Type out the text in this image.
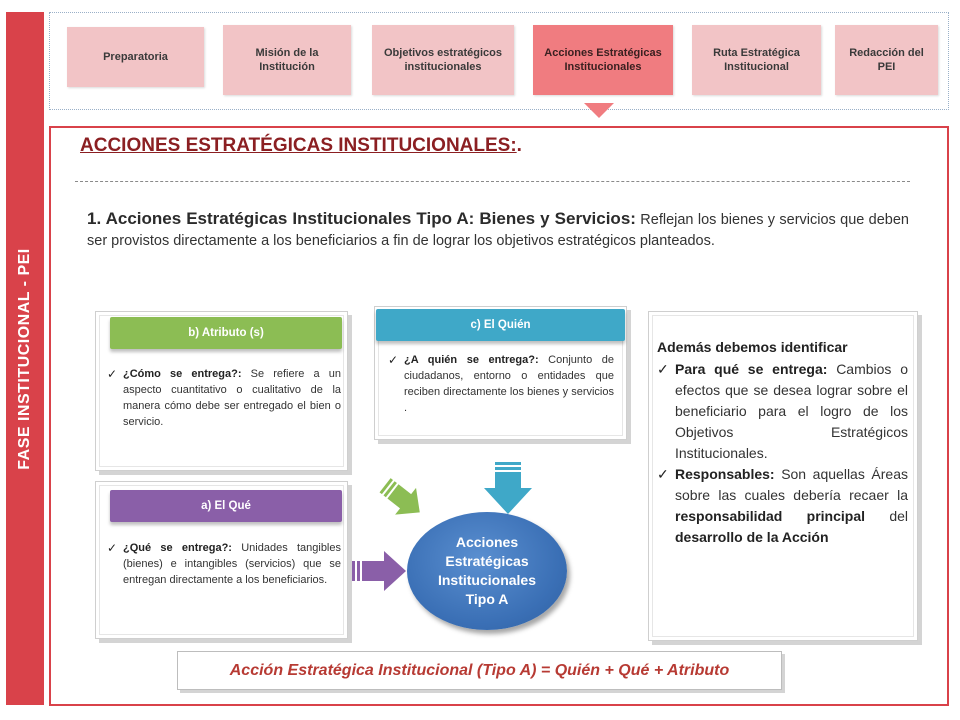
FASE INSTITUCIONAL - PEI
Preparatoria	Misión de la Institución
Objetivos estratégicos institucionales
Acciones Estratégicas Institucionales
Ruta Estratégica Institucional
Redacción del PEI
ACCIONES ESTRATÉGICAS INSTITUCIONALES:.
1. Acciones Estratégicas Institucionales Tipo A: Bienes y Servicios: Reflejan los bienes y servicios que deben ser provistos directamente a los beneficiarios a fin de lograr los objetivos estratégicos planteados.
b) Atributo (s)
✓ ¿Cómo se entrega?: Se refiere a un aspecto cuantitativo o cualitativo de la manera cómo debe ser entregado el bien o servicio.
c) El Quién
✓ ¿A quién se entrega?: Conjunto de ciudadanos, entorno o entidades que reciben directamente los bienes y servicios .
a) El Qué
✓ ¿Qué se entrega?: Unidades tangibles (bienes) e intangibles (servicios) que se entregan directamente a los beneficiarios.
Además debemos identificar
✓ Para qué se entrega: Cambios o efectos que se desea lograr sobre el beneficiario para el logro de los Objetivos Estratégicos Institucionales.
✓ Responsables: Son aquellas Áreas sobre las cuales debería recaer la responsabilidad principal del desarrollo de la Acción
Acciones Estratégicas Institucionales Tipo A
Acción Estratégica Institucional (Tipo A) = Quién + Qué + Atributo
